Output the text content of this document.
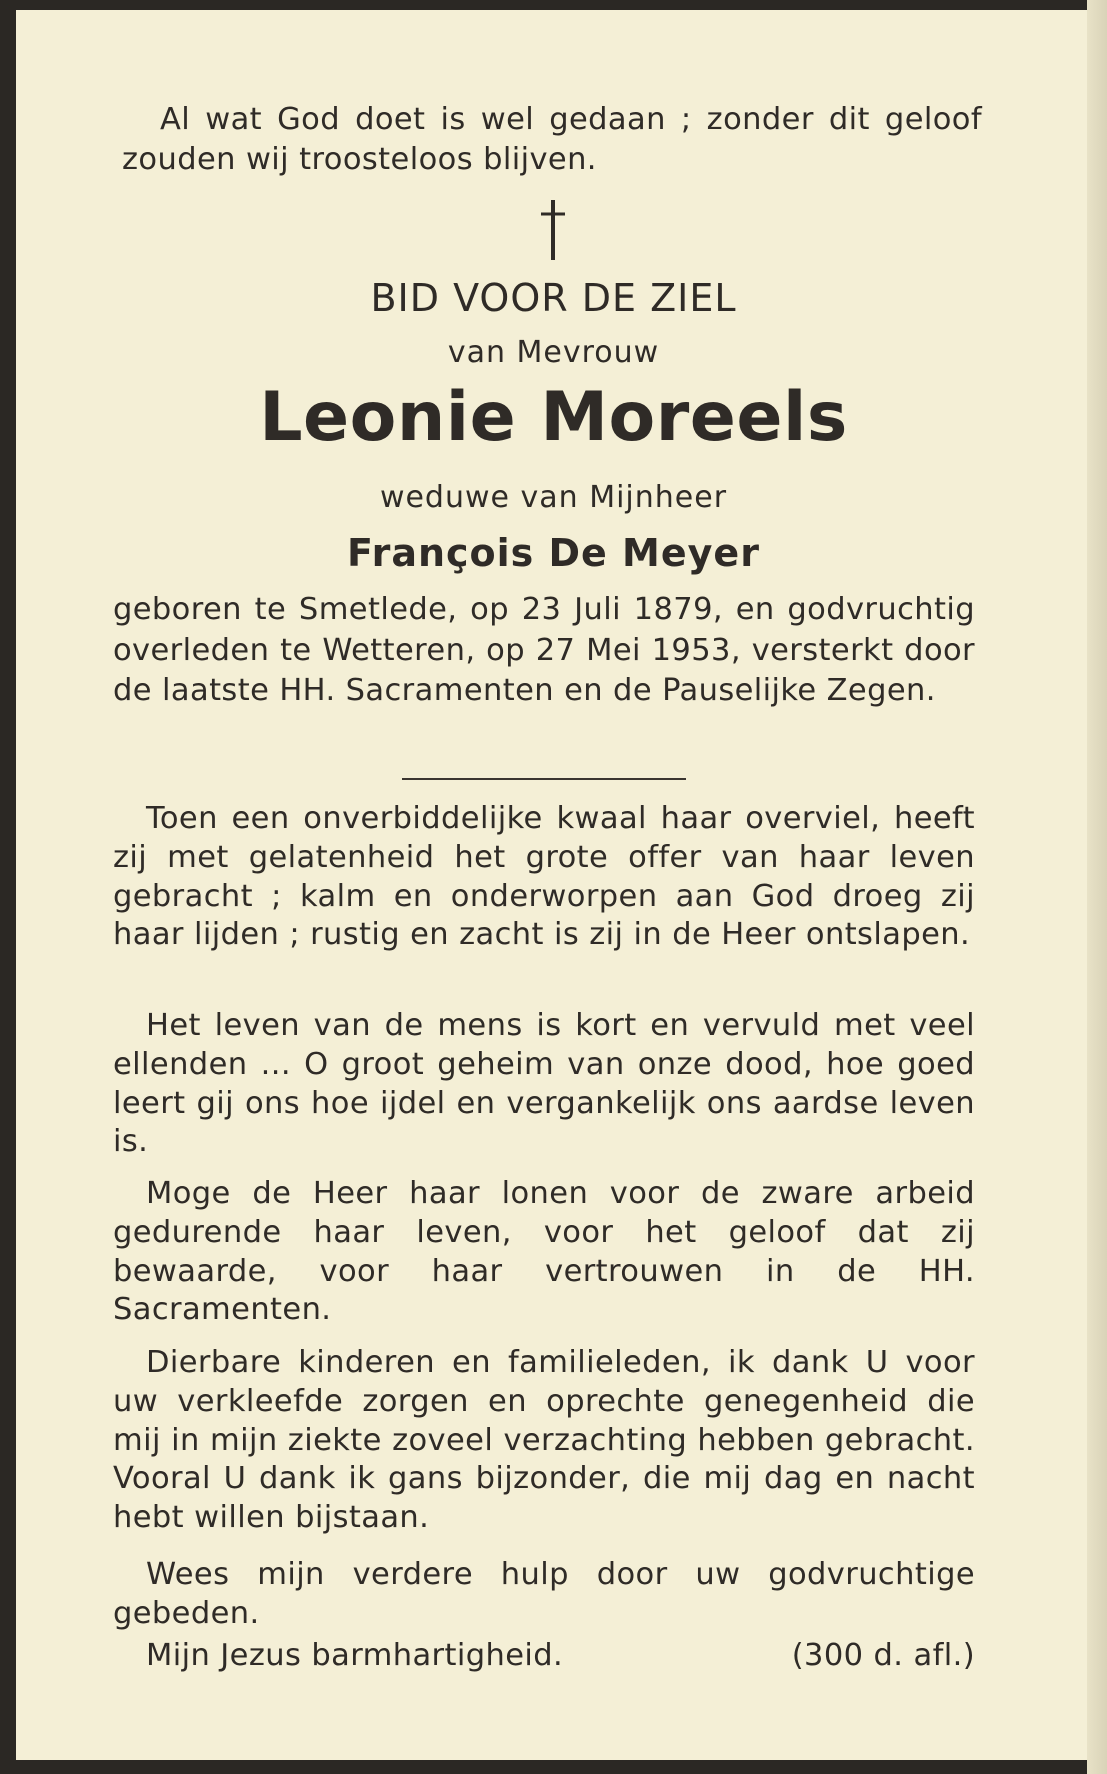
Al wat God doet is wel gedaan ; zonder dit geloof zouden wij troosteloos blijven.
BID VOOR DE ZIEL
van Mevrouw
Leonie Moreels
weduwe van Mijnheer
François De Meyer
geboren te Smetlede, op 23 Juli 1879, en godvruchtig overleden te Wetteren, op 27 Mei 1953, versterkt door de laatste HH. Sacramenten en de Pauselijke Zegen.
Toen een onverbiddelijke kwaal haar overviel, heeft zij met gelatenheid het grote offer van haar leven gebracht ; kalm en onderworpen aan God droeg zij haar lijden ; rustig en zacht is zij in de Heer ontslapen.
Het leven van de mens is kort en vervuld met veel ellenden ... O groot geheim van onze dood, hoe goed leert gij ons hoe ijdel en vergankelijk ons aardse leven is.
Moge de Heer haar lonen voor de zware arbeid gedurende haar leven, voor het geloof dat zij bewaarde, voor haar vertrouwen in de HH. Sacramenten.
Dierbare kinderen en familieleden, ik dank U voor uw verkleefde zorgen en oprechte genegenheid die mij in mijn ziekte zoveel verzachting hebben gebracht. Vooral U dank ik gans bijzonder, die mij dag en nacht hebt willen bijstaan.
Wees mijn verdere hulp door uw godvruchtige gebeden.
Mijn Jezus barmhartigheid.	(300 d. afl.)
